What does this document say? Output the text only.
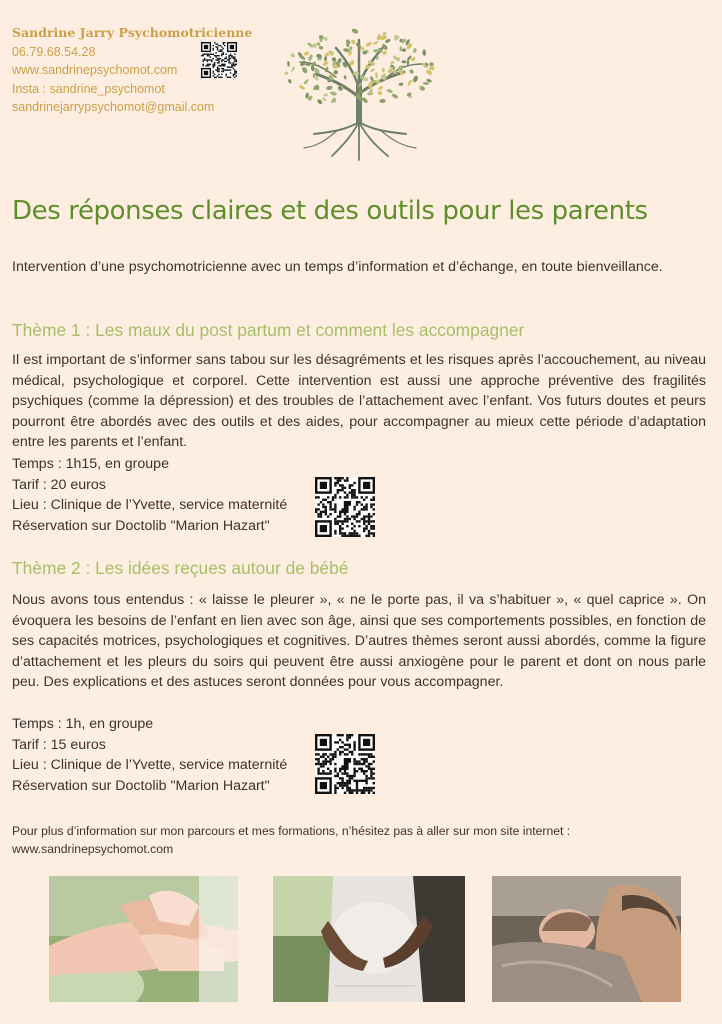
Sandrine Jarry Psychomotricienne
06.79.68.54.28
www.sandrinepsychomot.com
Insta : sandrine_psychomot
sandrinejarrypsychomot@gmail.com
Des réponses claires et des outils pour les parents

Intervention d’une psychomotricienne avec un temps d’information et d’échange, en toute bienveillance.

Thème 1 : Les maux du post partum et comment les accompagner

Il est important de s’informer sans tabou sur les désagréments et les risques après l’accouchement, au niveau médical, psychologique et corporel. Cette intervention est aussi une approche préventive des fragilités psychiques (comme la dépression) et des troubles de l’attachement avec l’enfant. Vos futurs doutes et peurs pourront être abordés avec des outils et des aides, pour accompagner au mieux cette période d’adaptation entre les parents et l’enfant.

Temps : 1h15, en groupe
Tarif : 20 euros
Lieu : Clinique de l’Yvette, service maternité
Réservation sur Doctolib "Marion Hazart"
Thème 2 : Les idées reçues autour de bébé

Nous avons tous entendus : « laisse le pleurer », « ne le porte pas, il va s’habituer », « quel caprice ». On évoquera les besoins de l’enfant en lien avec son âge, ainsi que ses comportements possibles, en fonction de ses capacités motrices, psychologiques et cognitives. D’autres thèmes seront aussi abordés, comme la figure d’attachement et les pleurs du soirs qui peuvent être aussi anxiogène pour le parent et dont on nous parle peu. Des explications et des astuces seront données pour vous accompagner.

Temps : 1h, en groupe
Tarif : 15 euros
Lieu : Clinique de l’Yvette, service maternité
Réservation sur Doctolib "Marion Hazart"
Pour plus d’information sur mon parcours et mes formations, n’hésitez pas à aller sur mon site internet :
www.sandrinepsychomot.com
